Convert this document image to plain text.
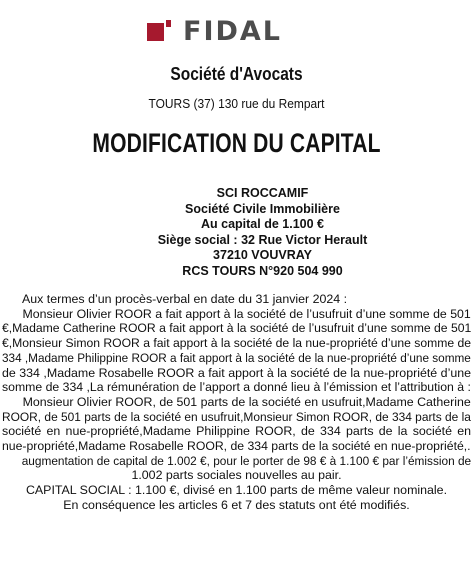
FIDAL
Société d'Avocats
TOURS (37) 130 rue du Rempart
MODIFICATION DU CAPITAL
SCI ROCCAMIF
Société Civile Immobilière
Au capital de 1.100 €
Siège social : 32 Rue Victor Herault
37210 VOUVRAY
RCS TOURS N°920 504 990
Aux termes d’un procès-verbal en date du 31 janvier 2024 :
Monsieur Olivier ROOR a fait apport à la société de l’usufruit d’une somme de 501
€,Madame Catherine ROOR a fait apport à la société de l’usufruit d’une somme de 501
€,Monsieur Simon ROOR a fait apport à la société de la nue-propriété d’une somme de
334 ,Madame Philippine ROOR a fait apport à la société de la nue-propriété d’une somme
de 334 ,Madame Rosabelle ROOR a fait apport à la société de la nue-propriété d’une
somme de 334 ,La rémunération de l’apport a donné lieu à l’émission et l’attribution à :
Monsieur Olivier ROOR, de 501 parts de la société en usufruit,Madame Catherine
ROOR, de 501 parts de la société en usufruit,Monsieur Simon ROOR, de 334 parts de la
société en nue-propriété,Madame Philippine ROOR, de 334 parts de la société en
nue-propriété,Madame Rosabelle ROOR, de 334 parts de la société en nue-propriété,.
augmentation de capital de 1.002 €, pour le porter de 98 € à 1.100 € par l’émission de
1.002 parts sociales nouvelles au pair.
CAPITAL SOCIAL : 1.100 €, divisé en 1.100 parts de même valeur nominale.
En conséquence les articles 6 et 7 des statuts ont été modifiés.
